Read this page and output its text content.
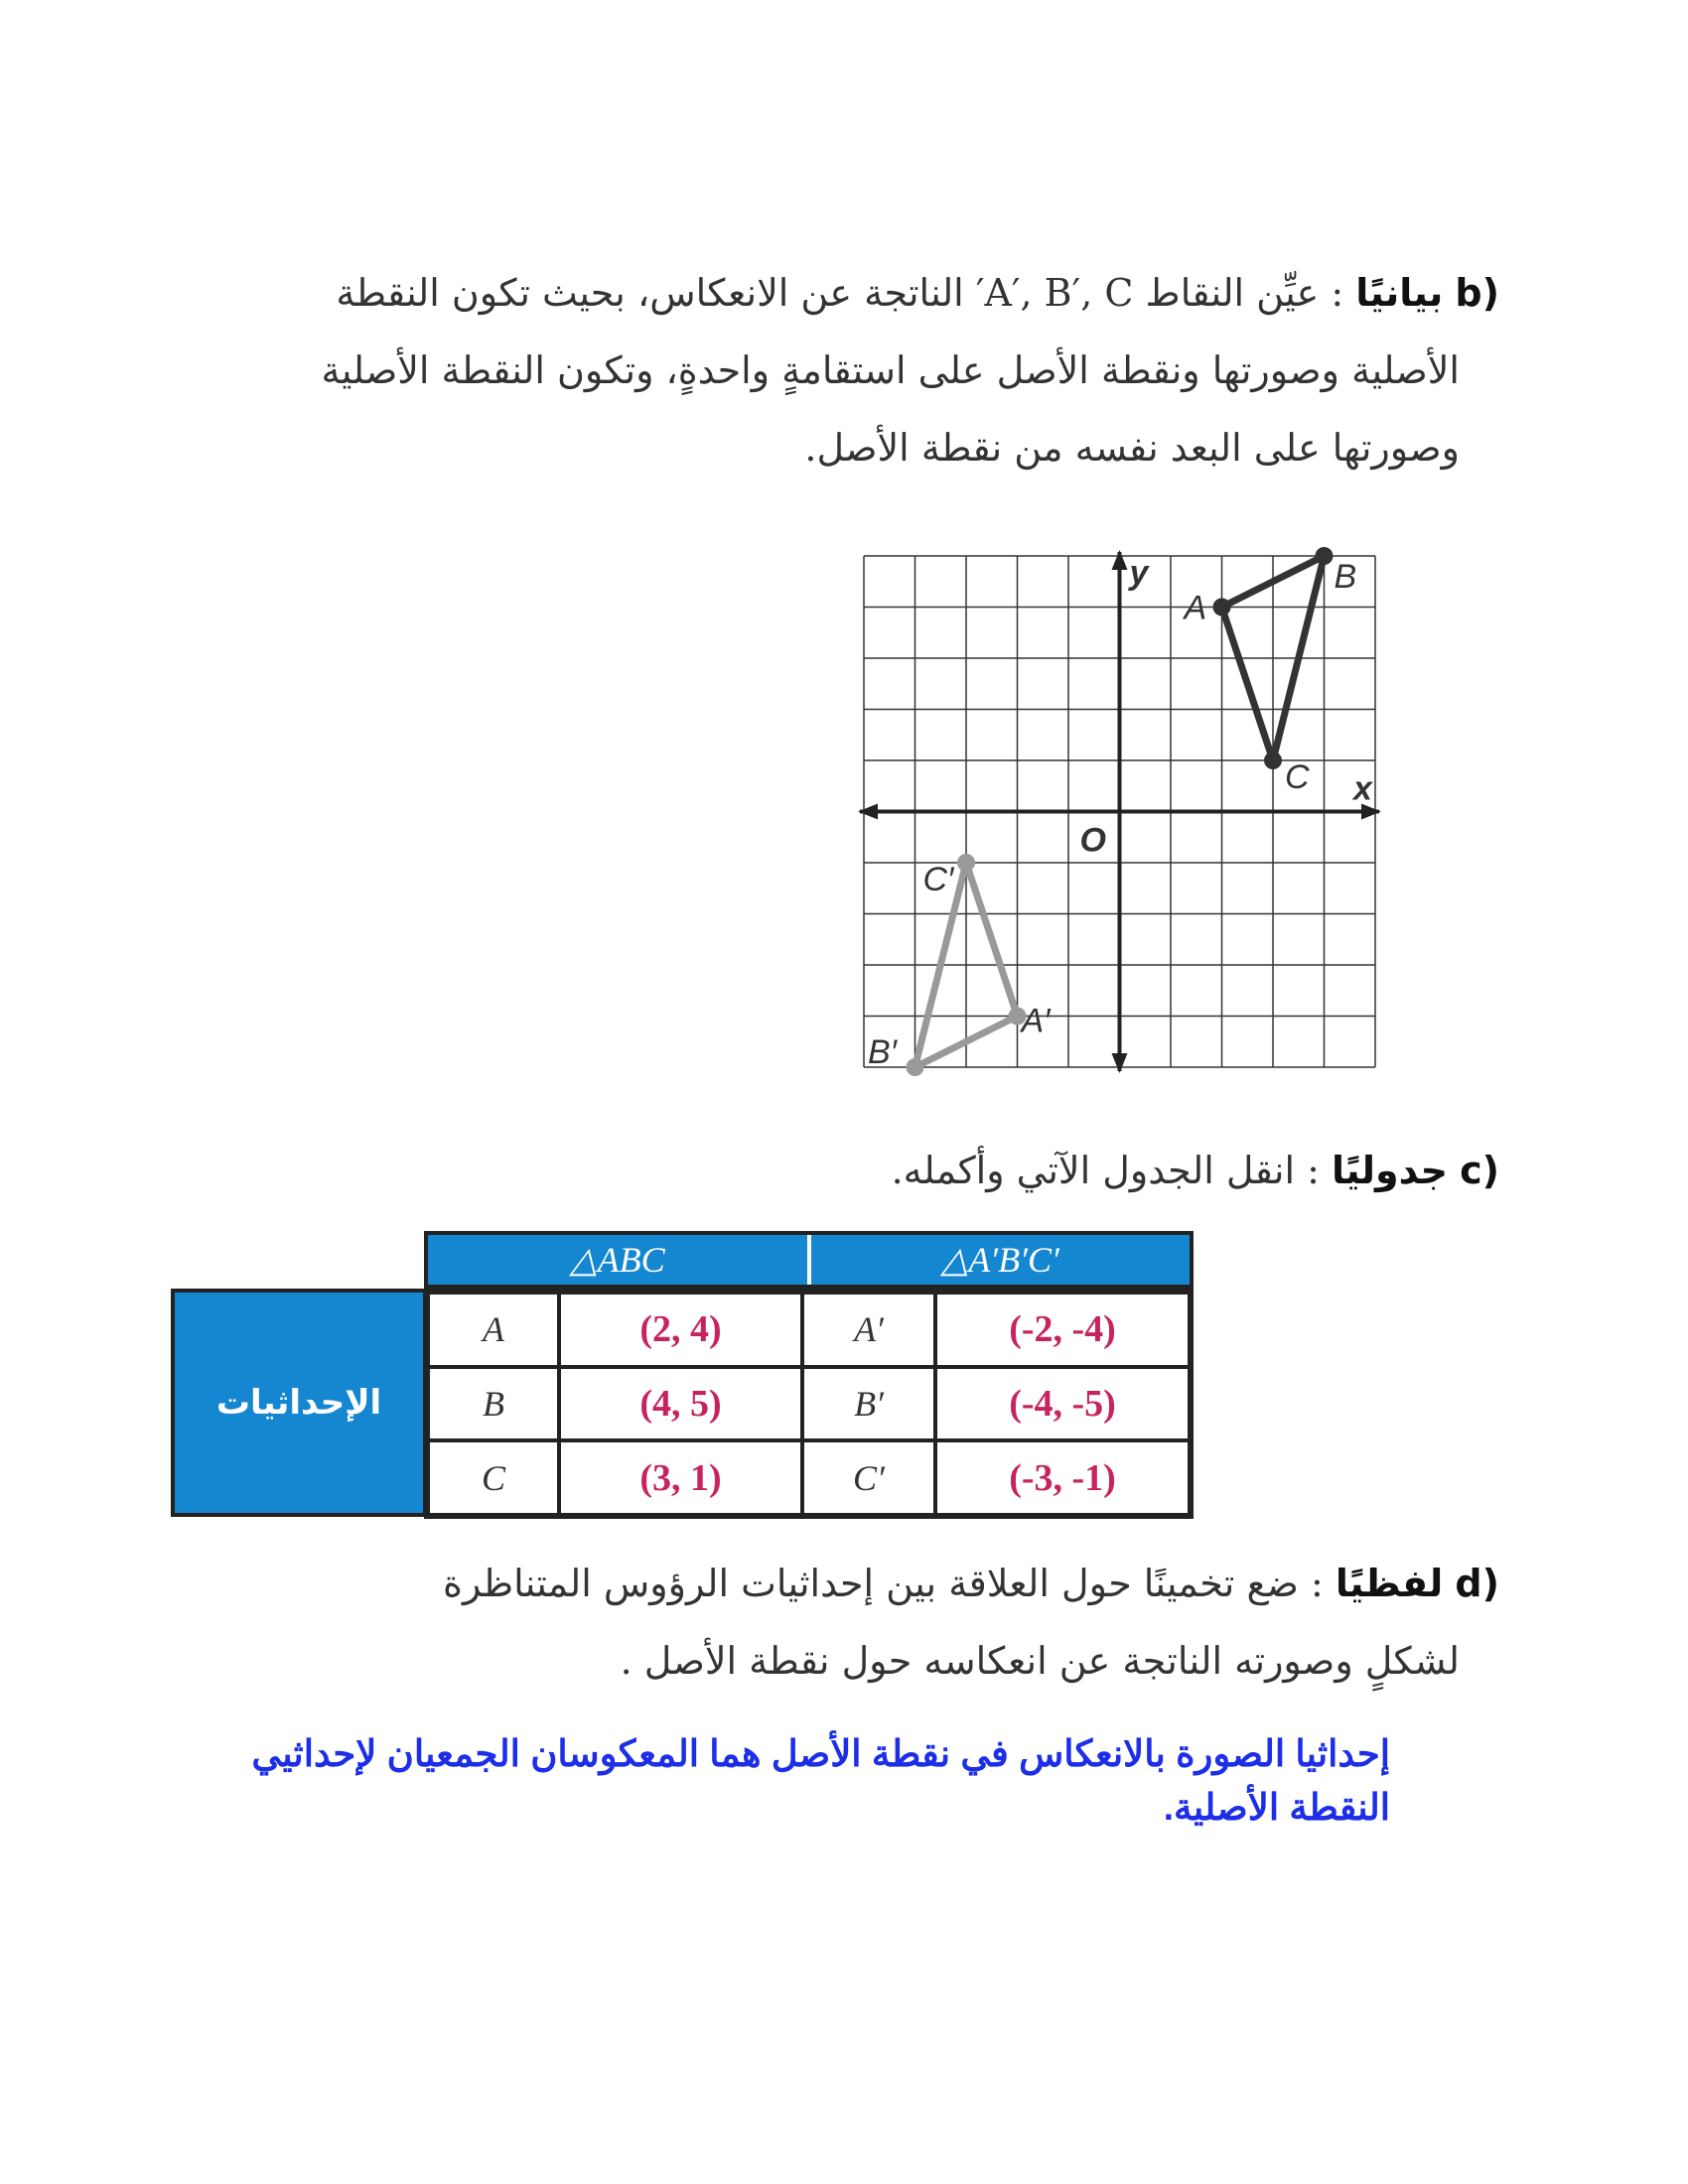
b) بيانيًا : عيِّن النقاط A′, B′, C′ الناتجة عن الانعكاس، بحيث تكون النقطة
الأصلية وصورتها ونقطة الأصل على استقامةٍ واحدةٍ، وتكون النقطة الأصلية
وصورتها على البعد نفسه من نقطة الأصل.
A
B
C
A′
B′
C′
x
y
O
c) جدوليًا : انقل الجدول الآتي وأكمله.
△ABC	△A′B′C′
الإحداثيات
A	(2, 4)	A′	(-2, -4)
B	(4, 5)	B′	(-4, -5)
C	(3, 1)	C′	(-3, -1)
d) لفظيًا : ضع تخمينًا حول العلاقة بين إحداثيات الرؤوس المتناظرة
لشكلٍ وصورته الناتجة عن انعكاسه حول نقطة الأصل .
إحداثيا الصورة بالانعكاس في نقطة الأصل هما المعكوسان الجمعيان لإحداثيي النقطة الأصلية.
